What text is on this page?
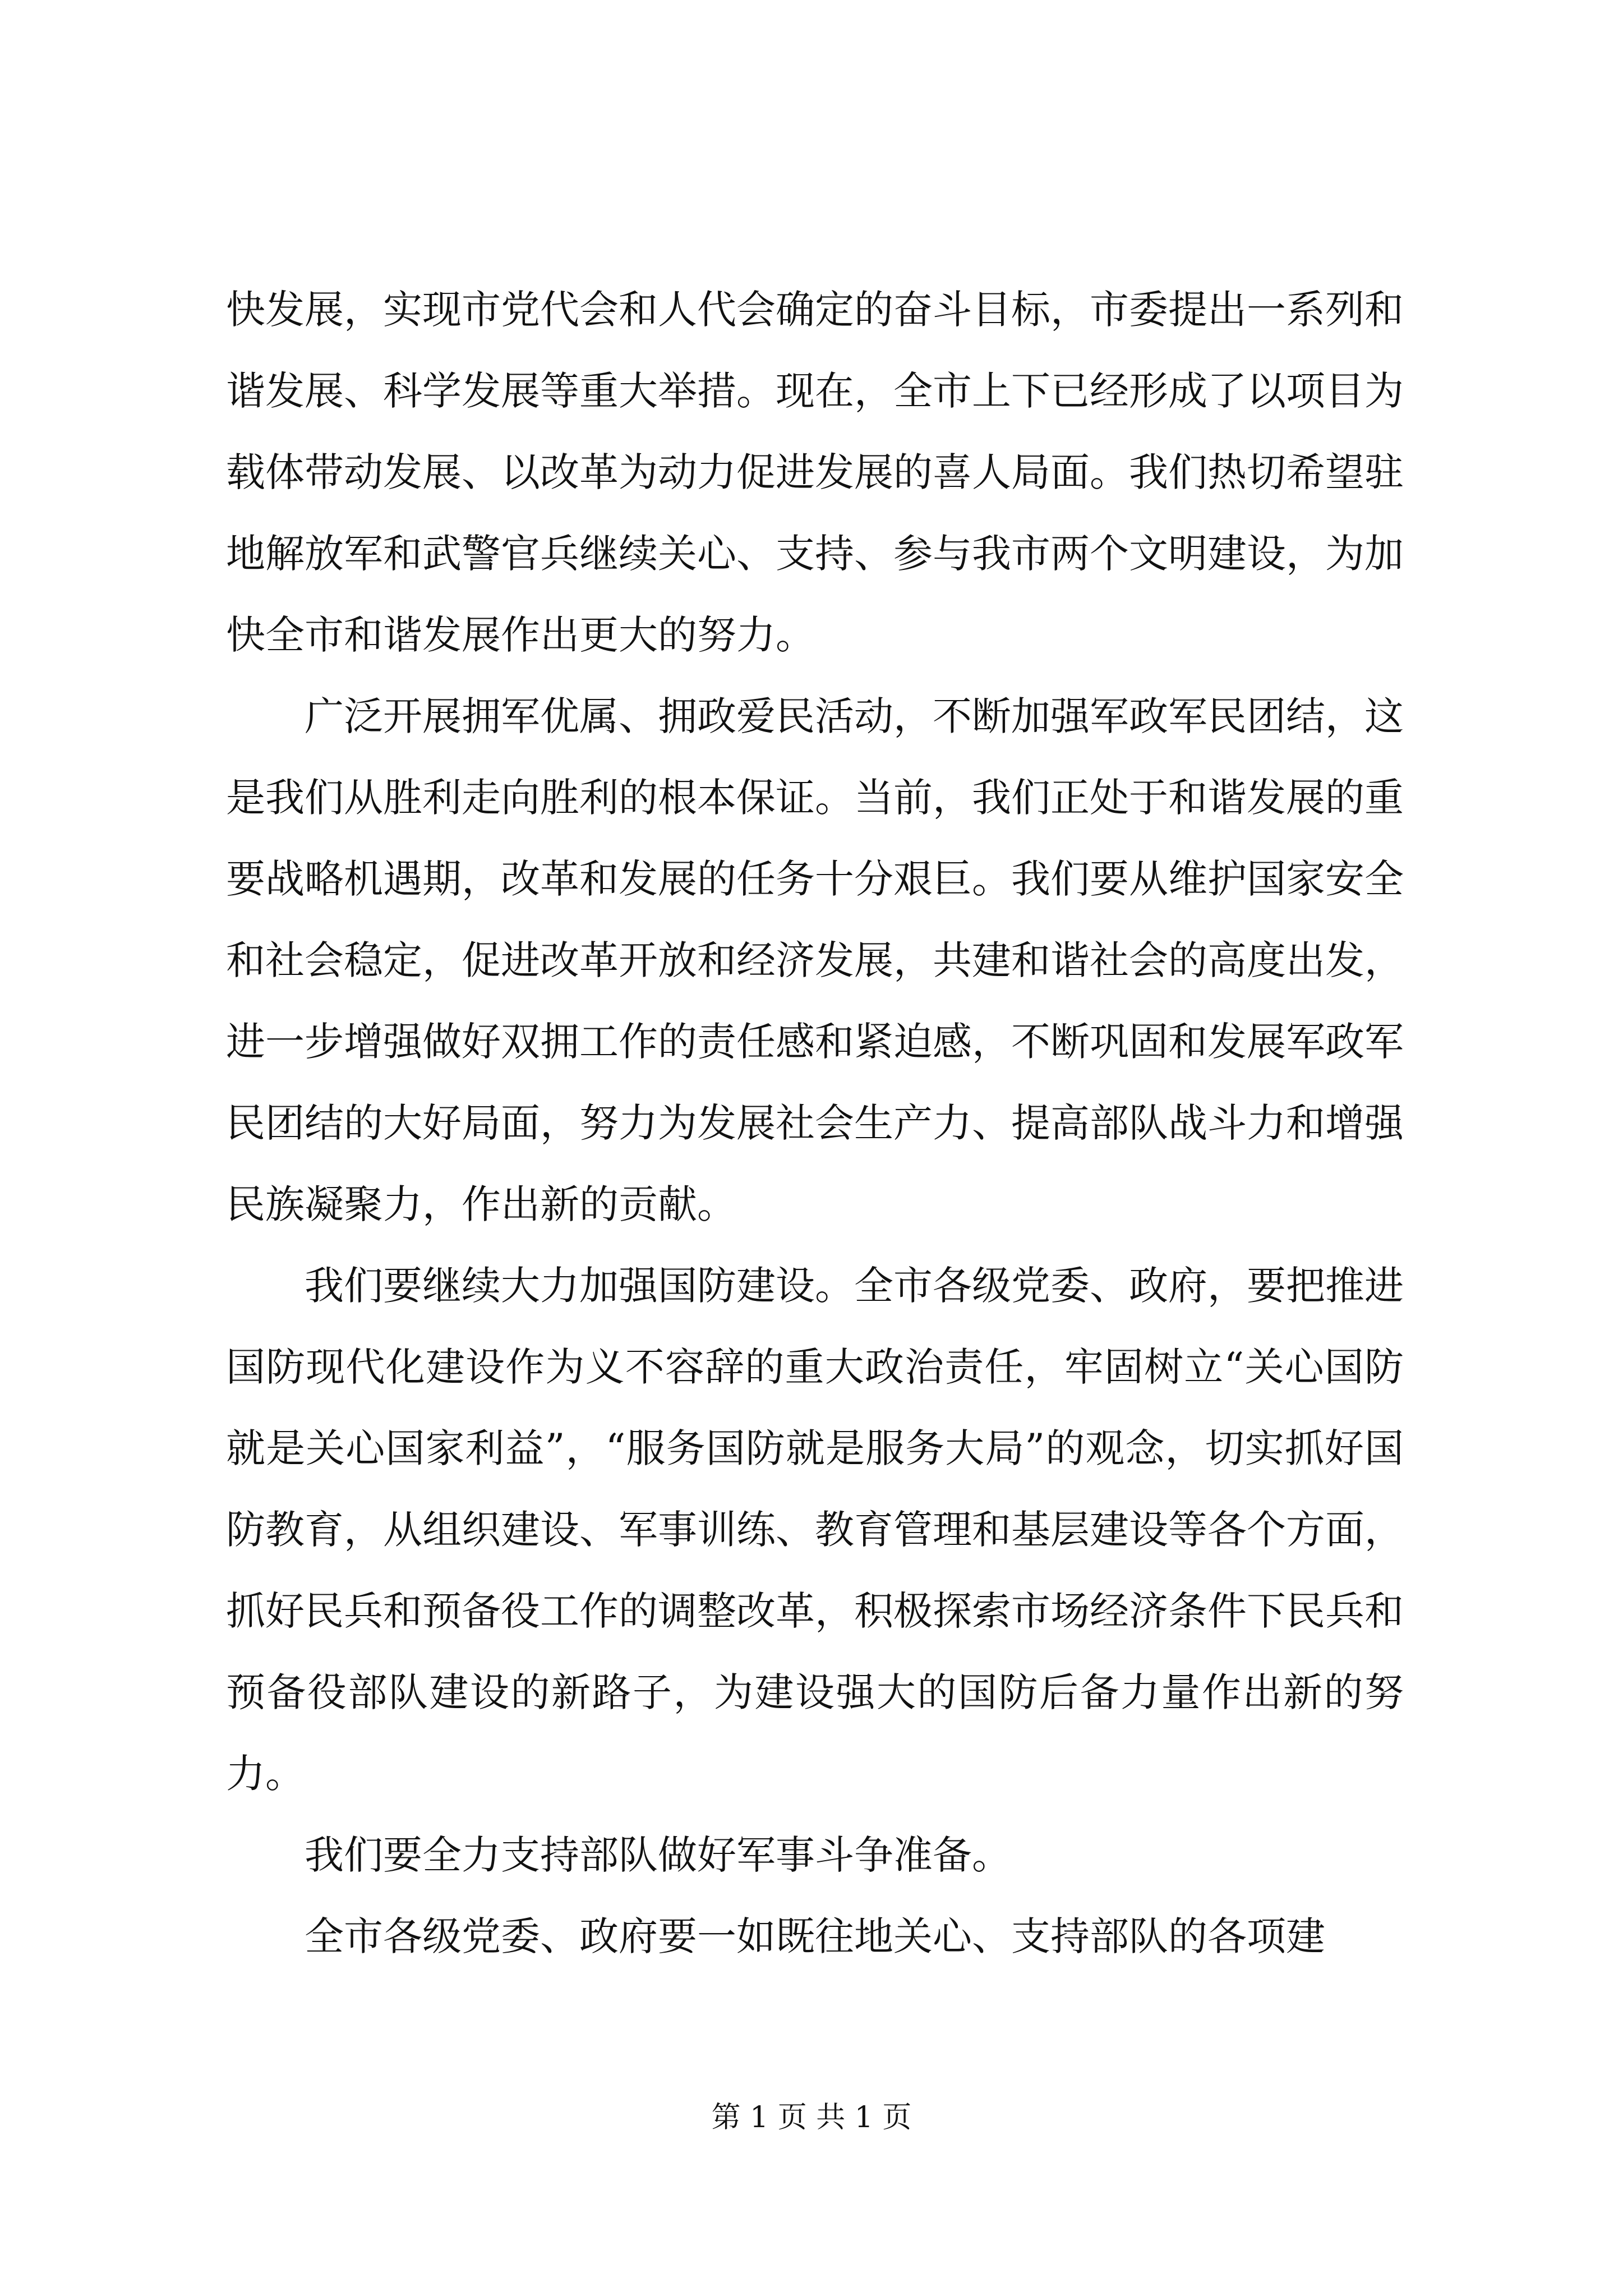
快发展，实现市党代会和人代会确定的奋斗目标，市委提出一系列和谐发展、科学发展等重大举措。现在，全市上下已经形成了以项目为载体带动发展、以改革为动力促进发展的喜人局面。我们热切希望驻地解放军和武警官兵继续关心、支持、参与我市两个文明建设，为加快全市和谐发展作出更大的努力。

广泛开展拥军优属、拥政爱民活动，不断加强军政军民团结，这是我们从胜利走向胜利的根本保证。当前，我们正处于和谐发展的重要战略机遇期，改革和发展的任务十分艰巨。我们要从维护国家安全和社会稳定，促进改革开放和经济发展，共建和谐社会的高度出发，进一步增强做好双拥工作的责任感和紧迫感，不断巩固和发展军政军民团结的大好局面，努力为发展社会生产力、提高部队战斗力和增强民族凝聚力，作出新的贡献。

我们要继续大力加强国防建设。全市各级党委、政府，要把推进国防现代化建设作为义不容辞的重大政治责任，牢固树立“关心国防就是关心国家利益”，“服务国防就是服务大局”的观念，切实抓好国防教育，从组织建设、军事训练、教育管理和基层建设等各个方面，抓好民兵和预备役工作的调整改革，积极探索市场经济条件下民兵和预备役部队建设的新路子，为建设强大的国防后备力量作出新的努力。

我们要全力支持部队做好军事斗争准备。

全市各级党委、政府要一如既往地关心、支持部队的各项建

第 1 页 共 1 页
